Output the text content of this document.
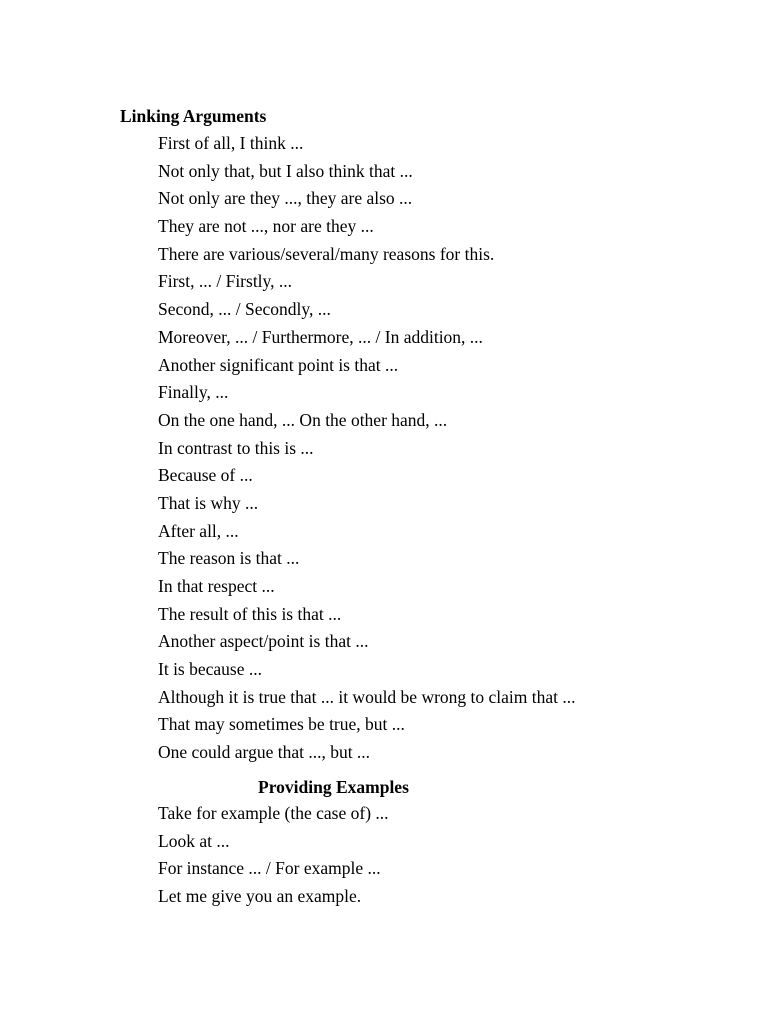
Linking Arguments
First of all, I think ...
Not only that, but I also think that ...
Not only are they ..., they are also ...
They are not ..., nor are they ...
There are various/several/many reasons for this.
First, ... / Firstly, ...
Second, ... / Secondly, ...
Moreover, ... / Furthermore, ... / In addition, ...
Another significant point is that ...
Finally, ...
On the one hand, ... On the other hand, ...
In contrast to this is ...
Because of ...
That is why ...
After all, ...
The reason is that ...
In that respect ...
The result of this is that ...
Another aspect/point is that ...
It is because ...
Although it is true that ... it would be wrong to claim that ...
That may sometimes be true, but ...
One could argue that ..., but ...
Providing Examples
Take for example (the case of) ...
Look at ...
For instance ... / For example ...
Let me give you an example.
